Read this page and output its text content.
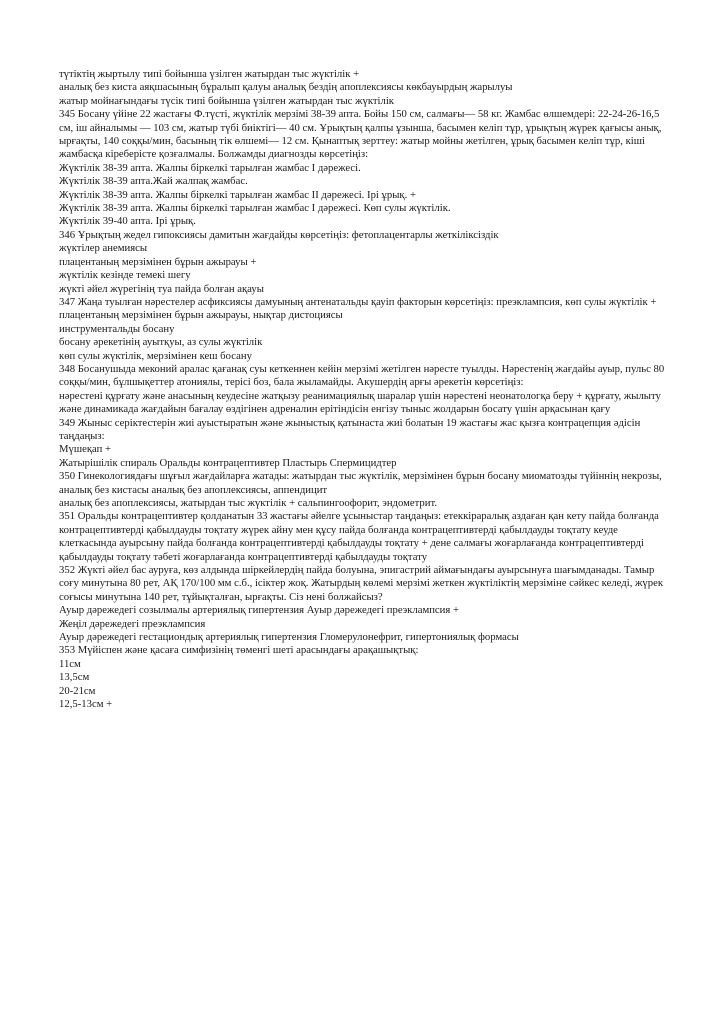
түтіктің жыртылу типі бойынша үзілген жатырдан тыс жүктілік +
аналық без киста аяқшасының бұралып қалуы аналық бездің апоплексиясы көкбауырдың жарылуы
жатыр мойнағындағы түсік типі бойынша үзілген жатырдан тыс жүктілік
345 Босану үйіне 22 жастағы Ф.түсті, жүктілік мерзімі 38-39 апта. Бойы 150 см, салмағы— 58 кг. Жамбас өлшемдері: 22-24-26-16,5 см, іш айналымы — 103 см, жатыр түбі биіктігі— 40 см. Ұрықтың қалпы ұзынша, басымен келіп тұр, ұрықтың жүрек қағысы анық, ырғақты, 140 соққы/мин, басының тік өлшемі— 12 см. Қынаптық зерттеу: жатыр мойны жетілген, ұрық басымен келіп тұр, кіші жамбасқа кіреберісте қозғалмалы. Болжамды диагнозды көрсетіңіз:
Жүктілік 38-39 апта. Жалпы біркелкі тарылған жамбас I дәрежесі.
Жүктілік 38-39 апта.Жай жалпақ жамбас.
Жүктілік 38-39 апта. Жалпы біркелкі тарылған жамбас II дәрежесі. Ірі ұрық. +
Жүктілік 38-39 апта. Жалпы біркелкі тарылған жамбас I дәрежесі. Көп сулы жүктілік.
Жүктілік 39-40 апта. Ірі ұрық.
346 Ұрықтың жедел гипоксиясы дамитын жағдайды көрсетіңіз: фетоплацентарлы жеткіліксіздік
жүктілер анемиясы
плацентаның мерзімінен бұрын ажырауы +
жүктілік кезінде темекі шегу
жүкті әйел жүрегінің туа пайда болған ақауы
347 Жаңа туылған нәрестелер асфиксиясы дамуының антенатальды қауіп факторын көрсетіңіз: преэклампсия, көп сулы жүктілік +
плацентаның мерзімінен бұрын ажырауы, нықтар дистоциясы
инструментальды босану
босану әрекетінің ауытқуы, аз сулы жүктілік
көп сулы жүктілік, мерзімінен кеш босану
348 Босанушыда меконий аралас қағанақ суы кеткеннен кейін мерзімі жетілген нәресте туылды. Нәрестенің жағдайы ауыр, пульс 80 соққы/мин, бұлшықеттер атониялы, терісі боз, бала жыламайды. Акушердің арғы әрекетін көрсетіңіз:
нәрестені құрғату және анасының кеудесіне жатқызу реанимациялық шаралар үшін нәрестені неонатологқа беру + құрғату, жылыту және динамикада жағдайын бағалау өздігінен адреналин ерітіндісін енгізу тыныс жолдарын босату үшін арқасынан қағу
349 Жыныс серіктестерін жиі ауыстыратын және жыныстық қатынаста жиі болатын 19 жастағы жас қызға контрацепция әдісін таңдаңыз:
Мүшеқап +
Жатырішілік спираль Оральды контрацептивтер Пластырь Спермицидтер
350 Гинекологиядағы шұғыл жағдайларға жатады: жатырдан тыс жүктілік, мерзімінен бұрын босану миоматозды түйіннің некрозы, аналық без кистасы аналық без апоплексиясы, аппендицит
аналық без апоплексиясы, жатырдан тыс жүктілік + сальпингоофорит, эндометрит.
351 Оральды контрацептивтер қолданатын 33 жастағы әйелге ұсыныстар таңдаңыз: етеккіраралық аздаған қан кету пайда болғанда контрацептивтерді қабылдауды тоқтату жүрек айну мен құсу пайда болғанда контрацептивтерді қабылдауды тоқтату кеуде клеткасында ауырсыну пайда болғанда контрацептивтерді қабылдауды тоқтату + дене салмағы жоғарлағанда контрацептивтерді қабылдауды тоқтату тәбеті жоғарлағанда контрацептивтерді қабылдауды тоқтату
352 Жүкті әйел бас ауруға, көз алдында шіркейлердің пайда болуына, эпигастрий аймағындағы ауырсынуға шағымданады. Тамыр соғу минутына 80 рет, АҚ 170/100 мм с.б., ісіктер жоқ. Жатырдың көлемі мерзімі жеткен жүктіліктің мерзіміне сәйкес келеді, жүрек соғысы минутына 140 рет, тұйықталған, ырғақты. Сіз нені болжайсыз?
Ауыр дәрежедегі созылмалы артериялық гипертензия Ауыр дәрежедегі преэклампсия +
Жеңіл дәрежедегі преэклампсия
Ауыр дәрежедегі гестациондық артериялық гипертензия Гломерулонефрит, гипертониялық формасы
353 Мүйіспен және қасаға симфизінің төменгі шеті арасындағы арақашықтық:
11см
13,5см
20-21см
12,5-13см +
